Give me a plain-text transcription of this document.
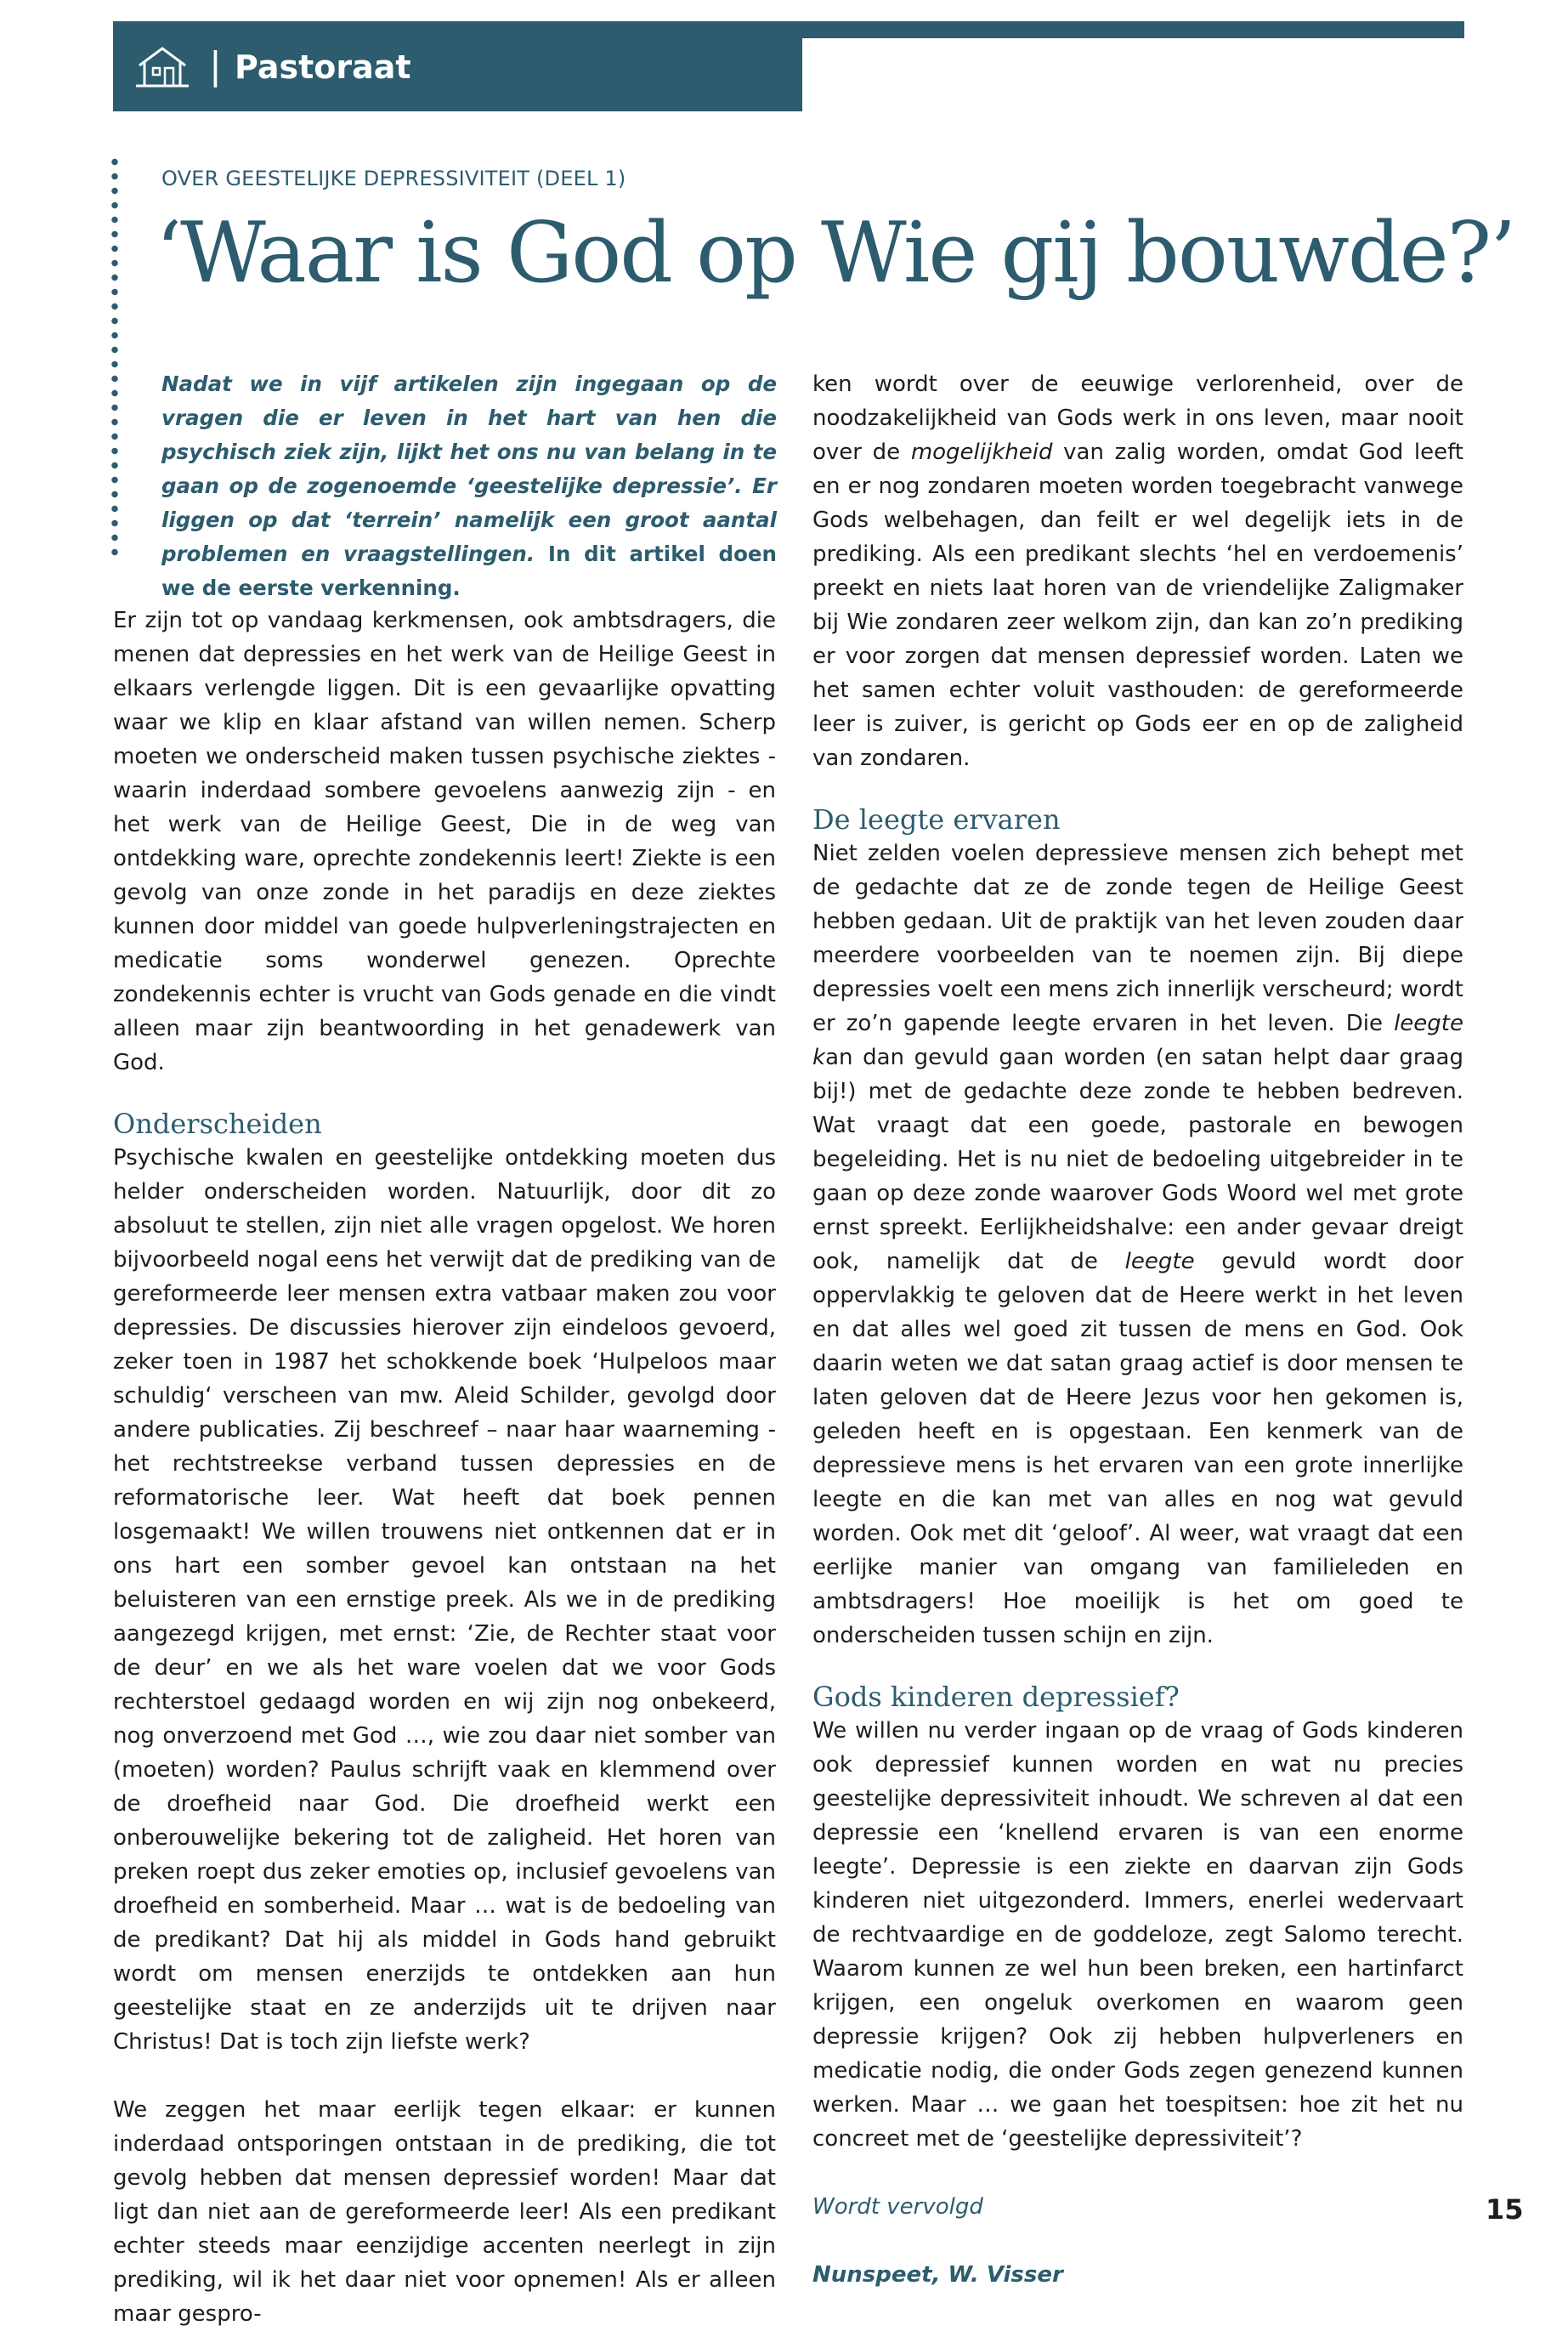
| Pastoraat
OVER GEESTELIJKE DEPRESSIVITEIT (DEEL 1)
‘Waar is God op Wie gij bouwde?’
Nadat we in vijf artikelen zijn ingegaan op de vragen die er leven in het hart van hen die psychisch ziek zijn, lijkt het ons nu van belang in te gaan op de zogenoemde ‘geestelijke depressie’. Er liggen op dat ‘terrein’ namelijk een groot aantal problemen en vraagstellingen. In dit artikel doen we de eerste verkenning.

Er zijn tot op vandaag kerkmensen, ook ambtsdragers, die menen dat depressies en het werk van de Heilige Geest in elkaars verlengde liggen. Dit is een gevaarlijke opvatting waar we klip en klaar afstand van willen nemen. Scherp moeten we onderscheid maken tussen psychische ziektes - waarin inderdaad sombere gevoelens aanwezig zijn - en het werk van de Heilige Geest, Die in de weg van ontdekking ware, oprechte zondekennis leert! Ziekte is een gevolg van onze zonde in het paradijs en deze ziektes kunnen door middel van goede hulpverleningstrajecten en medicatie soms wonderwel genezen. Oprechte zondekennis echter is vrucht van Gods genade en die vindt alleen maar zijn beantwoording in het genadewerk van God.

Onderscheiden

Psychische kwalen en geestelijke ontdekking moeten dus helder onderscheiden worden. Natuurlijk, door dit zo absoluut te stellen, zijn niet alle vragen opgelost. We horen bijvoorbeeld nogal eens het verwijt dat de prediking van de gereformeerde leer mensen extra vatbaar maken zou voor depressies. De discussies hierover zijn eindeloos gevoerd, zeker toen in 1987 het schokkende boek ‘Hulpeloos maar schuldig‘ verscheen van mw. Aleid Schilder, gevolgd door andere publicaties. Zij beschreef – naar haar waarneming - het rechtstreekse verband tussen depressies en de reformatorische leer. Wat heeft dat boek pennen losgemaakt! We willen trouwens niet ontkennen dat er in ons hart een somber gevoel kan ontstaan na het beluisteren van een ernstige preek. Als we in de prediking aangezegd krijgen, met ernst: ‘Zie, de Rechter staat voor de deur’ en we als het ware voelen dat we voor Gods rechterstoel gedaagd worden en wij zijn nog onbekeerd, nog onverzoend met God …, wie zou daar niet somber van (moeten) worden? Paulus schrijft vaak en klemmend over de droefheid naar God. Die droefheid werkt een onberouwelijke bekering tot de zaligheid. Het horen van preken roept dus zeker emoties op, inclusief gevoelens van droefheid en somberheid. Maar … wat is de bedoeling van de predikant? Dat hij als middel in Gods hand gebruikt wordt om mensen enerzijds te ontdekken aan hun geestelijke staat en ze anderzijds uit te drijven naar Christus! Dat is toch zijn liefste werk?

We zeggen het maar eerlijk tegen elkaar: er kunnen inderdaad ontsporingen ontstaan in de prediking, die tot gevolg hebben dat mensen depressief worden! Maar dat ligt dan niet aan de gereformeerde leer! Als een predikant echter steeds maar eenzijdige accenten neerlegt in zijn prediking, wil ik het daar niet voor opnemen! Als er alleen maar gespro-

ken wordt over de eeuwige verlorenheid, over de noodzakelijkheid van Gods werk in ons leven, maar nooit over de mogelijkheid van zalig worden, omdat God leeft en er nog zondaren moeten worden toegebracht vanwege Gods welbehagen, dan feilt er wel degelijk iets in de prediking. Als een predikant slechts ‘hel en verdoemenis’ preekt en niets laat horen van de vriendelijke Zaligmaker bij Wie zondaren zeer welkom zijn, dan kan zo’n prediking er voor zorgen dat mensen depressief worden. Laten we het samen echter voluit vasthouden: de gereformeerde leer is zuiver, is gericht op Gods eer en op de zaligheid van zondaren.

De leegte ervaren

Niet zelden voelen depressieve mensen zich behept met de gedachte dat ze de zonde tegen de Heilige Geest hebben gedaan. Uit de praktijk van het leven zouden daar meerdere voorbeelden van te noemen zijn. Bij diepe depressies voelt een mens zich innerlijk verscheurd; wordt er zo’n gapende leegte ervaren in het leven. Die leegte kan dan gevuld gaan worden (en satan helpt daar graag bij!) met de gedachte deze zonde te hebben bedreven. Wat vraagt dat een goede, pastorale en bewogen begeleiding. Het is nu niet de bedoeling uitgebreider in te gaan op deze zonde waarover Gods Woord wel met grote ernst spreekt. Eerlijkheidshalve: een ander gevaar dreigt ook, namelijk dat de leegte gevuld wordt door oppervlakkig te geloven dat de Heere werkt in het leven en dat alles wel goed zit tussen de mens en God. Ook daarin weten we dat satan graag actief is door mensen te laten geloven dat de Heere Jezus voor hen gekomen is, geleden heeft en is opgestaan. Een kenmerk van de depressieve mens is het ervaren van een grote innerlijke leegte en die kan met van alles en nog wat gevuld worden. Ook met dit ‘geloof’. Al weer, wat vraagt dat een eerlijke manier van omgang van familieleden en ambtsdragers! Hoe moeilijk is het om goed te onderscheiden tussen schijn en zijn.

Gods kinderen depressief?

We willen nu verder ingaan op de vraag of Gods kinderen ook depressief kunnen worden en wat nu precies geestelijke depressiviteit inhoudt. We schreven al dat een depressie een ‘knellend ervaren is van een enorme leegte’. Depressie is een ziekte en daarvan zijn Gods kinderen niet uitgezonderd. Immers, enerlei wedervaart de rechtvaardige en de goddeloze, zegt Salomo terecht. Waarom kunnen ze wel hun been breken, een hartinfarct krijgen, een ongeluk overkomen en waarom geen depressie krijgen? Ook zij hebben hulpverleners en medicatie nodig, die onder Gods zegen genezend kunnen werken. Maar … we gaan het toespitsen: hoe zit het nu concreet met de ‘geestelijke depressiviteit’?

Wordt vervolgd

Nunspeet, W. Visser

15
